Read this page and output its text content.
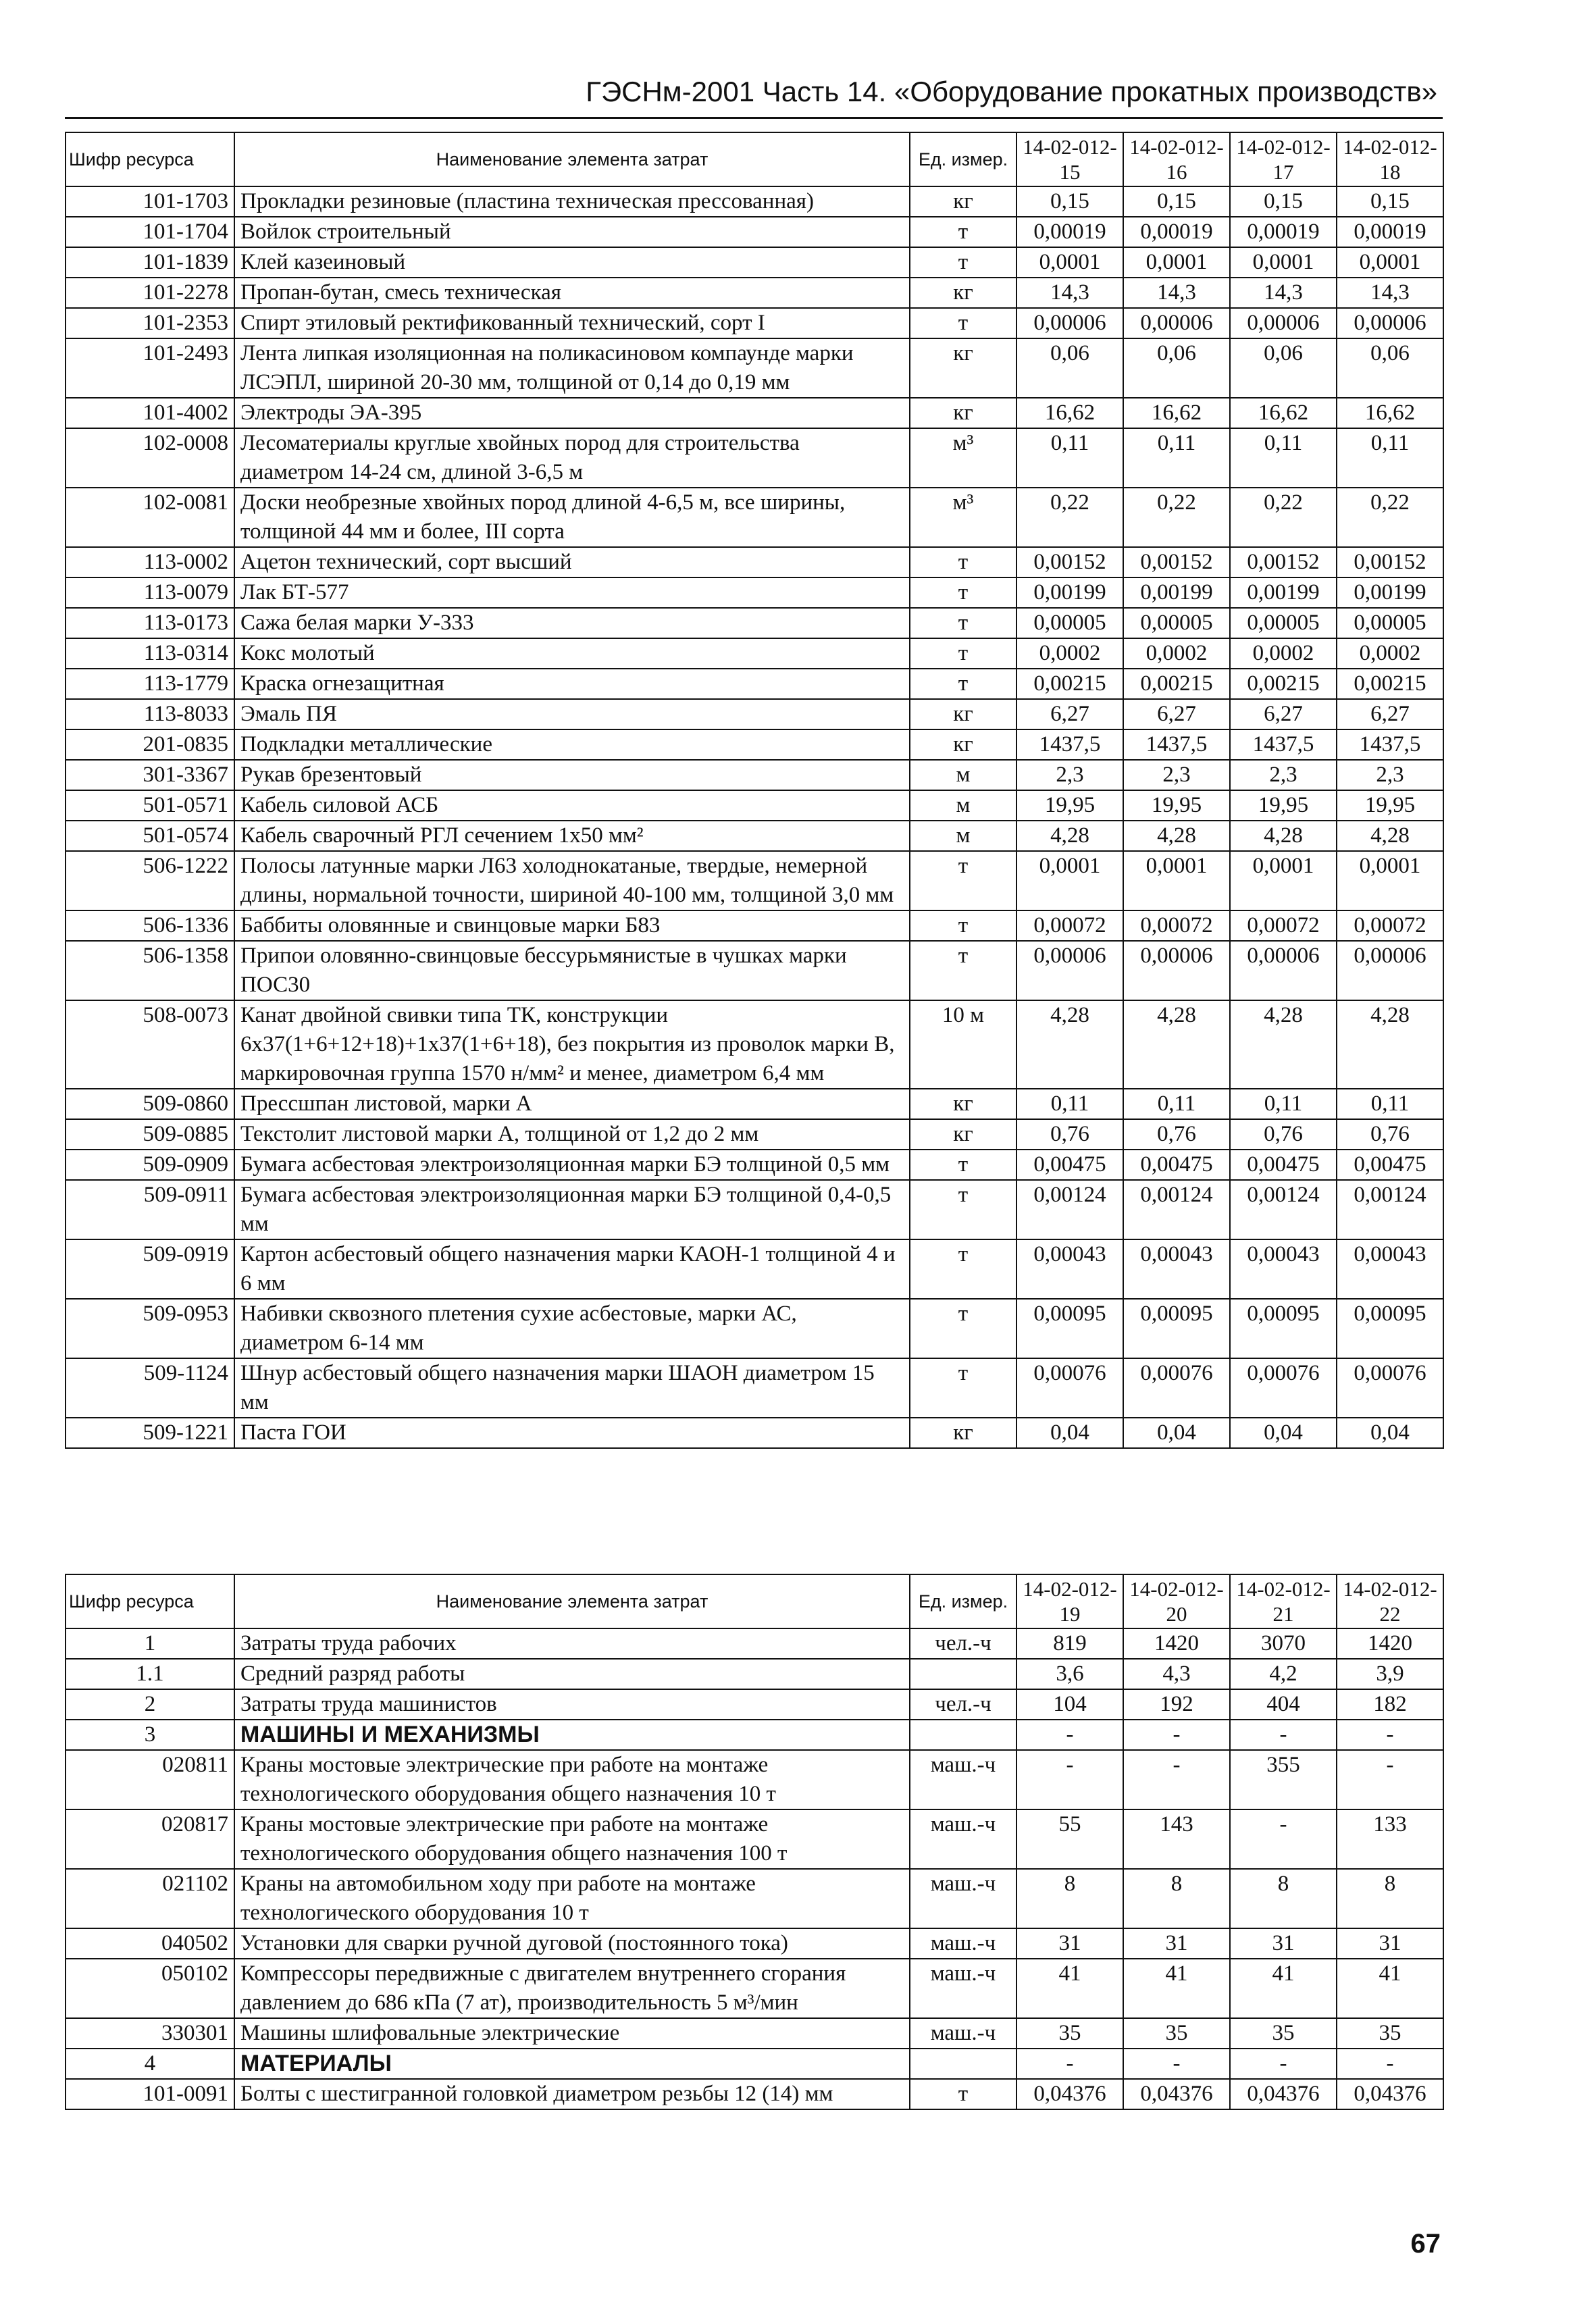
ГЭСНм-2001 Часть 14. «Оборудование прокатных производств»
Шифр ресурса	Наименование элемента затрат	Ед. измер.	14-02-012-15	14-02-012-16	14-02-012-17	14-02-012-18
101-1703	Прокладки резиновые (пластина техническая прессованная)	кг	0,15	0,15	0,15	0,15
101-1704	Войлок строительный	т	0,00019	0,00019	0,00019	0,00019
101-1839	Клей казеиновый	т	0,0001	0,0001	0,0001	0,0001
101-2278	Пропан-бутан, смесь техническая	кг	14,3	14,3	14,3	14,3
101-2353	Спирт этиловый ректификованный технический, сорт I	т	0,00006	0,00006	0,00006	0,00006
101-2493	Лента липкая изоляционная на поликасиновом компаунде марки ЛСЭПЛ, шириной 20-30 мм, толщиной от 0,14 до 0,19 мм	кг	0,06	0,06	0,06	0,06
101-4002	Электроды ЭА-395	кг	16,62	16,62	16,62	16,62
102-0008	Лесоматериалы круглые хвойных пород для строительства диаметром 14-24 см, длиной 3-6,5 м	м³	0,11	0,11	0,11	0,11
102-0081	Доски необрезные хвойных пород длиной 4-6,5 м, все ширины, толщиной 44 мм и более, III сорта	м³	0,22	0,22	0,22	0,22
113-0002	Ацетон технический, сорт высший	т	0,00152	0,00152	0,00152	0,00152
113-0079	Лак БТ-577	т	0,00199	0,00199	0,00199	0,00199
113-0173	Сажа белая марки У-333	т	0,00005	0,00005	0,00005	0,00005
113-0314	Кокс молотый	т	0,0002	0,0002	0,0002	0,0002
113-1779	Краска огнезащитная	т	0,00215	0,00215	0,00215	0,00215
113-8033	Эмаль ПЯ	кг	6,27	6,27	6,27	6,27
201-0835	Подкладки металлические	кг	1437,5	1437,5	1437,5	1437,5
301-3367	Рукав брезентовый	м	2,3	2,3	2,3	2,3
501-0571	Кабель силовой АСБ	м	19,95	19,95	19,95	19,95
501-0574	Кабель сварочный РГЛ сечением 1х50 мм²	м	4,28	4,28	4,28	4,28
506-1222	Полосы латунные марки Л63 холоднокатаные, твердые, немерной длины, нормальной точности, шириной 40-100 мм, толщиной 3,0 мм	т	0,0001	0,0001	0,0001	0,0001
506-1336	Баббиты оловянные и свинцовые марки Б83	т	0,00072	0,00072	0,00072	0,00072
506-1358	Припои оловянно-свинцовые бессурьмянистые в чушках марки ПОС30	т	0,00006	0,00006	0,00006	0,00006
508-0073	Канат двойной свивки типа ТК, конструкции 6х37(1+6+12+18)+1х37(1+6+18), без покрытия из проволок марки В, маркировочная группа 1570 н/мм² и менее, диаметром 6,4 мм	10 м	4,28	4,28	4,28	4,28
509-0860	Прессшпан листовой, марки А	кг	0,11	0,11	0,11	0,11
509-0885	Текстолит листовой марки А, толщиной от 1,2 до 2 мм	кг	0,76	0,76	0,76	0,76
509-0909	Бумага асбестовая электроизоляционная марки БЭ толщиной 0,5 мм	т	0,00475	0,00475	0,00475	0,00475
509-0911	Бумага асбестовая электроизоляционная марки БЭ толщиной 0,4-0,5 мм	т	0,00124	0,00124	0,00124	0,00124
509-0919	Картон асбестовый общего назначения марки КАОН-1 толщиной 4 и 6 мм	т	0,00043	0,00043	0,00043	0,00043
509-0953	Набивки сквозного плетения сухие асбестовые, марки АС, диаметром 6-14 мм	т	0,00095	0,00095	0,00095	0,00095
509-1124	Шнур асбестовый общего назначения марки ШАОН диаметром 15 мм	т	0,00076	0,00076	0,00076	0,00076
509-1221	Паста ГОИ	кг	0,04	0,04	0,04	0,04
Шифр ресурса	Наименование элемента затрат	Ед. измер.	14-02-012-19	14-02-012-20	14-02-012-21	14-02-012-22
1	Затраты труда рабочих	чел.-ч	819	1420	3070	1420
1.1	Средний разряд работы		3,6	4,3	4,2	3,9
2	Затраты труда машинистов	чел.-ч	104	192	404	182
3	МАШИНЫ И МЕХАНИЗМЫ		-	-	-	-
020811	Краны мостовые электрические при работе на монтаже технологического оборудования общего назначения 10 т	маш.-ч	-	-	355	-
020817	Краны мостовые электрические при работе на монтаже технологического оборудования общего назначения 100 т	маш.-ч	55	143	-	133
021102	Краны на автомобильном ходу при работе на монтаже технологического оборудования 10 т	маш.-ч	8	8	8	8
040502	Установки для сварки ручной дуговой (постоянного тока)	маш.-ч	31	31	31	31
050102	Компрессоры передвижные с двигателем внутреннего сгорания давлением до 686 кПа (7 ат), производительность 5 м³/мин	маш.-ч	41	41	41	41
330301	Машины шлифовальные электрические	маш.-ч	35	35	35	35
4	МАТЕРИАЛЫ		-	-	-	-
101-0091	Болты с шестигранной головкой диаметром резьбы 12 (14) мм	т	0,04376	0,04376	0,04376	0,04376
67
